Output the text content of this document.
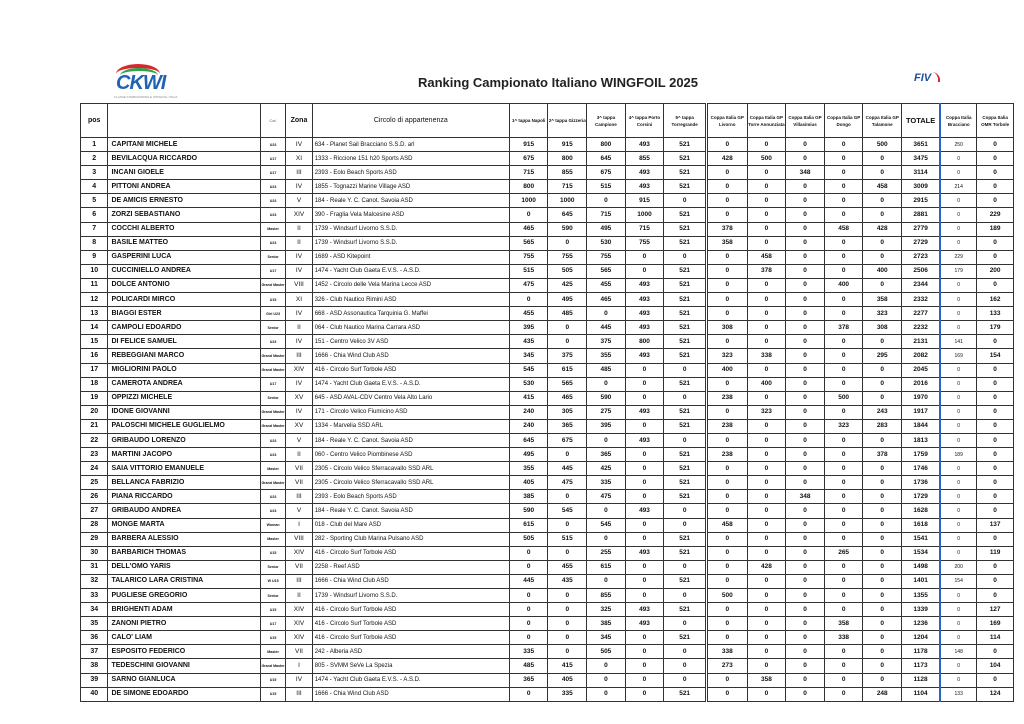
CKWI
CLASSE KITEBOARDING E WINGFOIL ITALIA
Ranking Campionato Italiano WINGFOIL 2025	FIV
pos		Cat.	Zona	Circolo di appartenenza	1^ tappa Napoli	2^ tappa Gizzeria	3^ tappa Campione	4^ tappa Porto Corsini	5^ tappa Torregrande	Coppa Italia GP Livorno	Coppa Italia GP Torre Annunziata	Coppa Italia GP Villasimius	Coppa Italia GP Dongo	Coppa Italia GP Talamone	TOTALE	Coppa Italia Bracciano	Coppa Italia OMR Torbole
1	CAPITANI MICHELE	U23	IV	634 - Planet Sail Bracciano S.S.D. arl	915	915	800	493	521	0	0	0	0	500	3651	250	0
2	BEVILACQUA RICCARDO	U17	XI	1333 - Riccione 151 h20 Sports ASD	675	800	645	855	521	428	500	0	0	0	3475	0	0
3	INCANI GIOELE	U17	III	2393 - Eolo Beach Sports ASD	715	855	675	493	521	0	0	348	0	0	3114	0	0
4	PITTONI ANDREA	U23	IV	1855 - Tognazzi Marine Village ASD	800	715	515	493	521	0	0	0	0	458	3009	214	0
5	DE AMICIS ERNESTO	U23	V	184 - Reale Y. C. Canot. Savoia ASD	1000	1000	0	915	0	0	0	0	0	0	2915	0	0
6	ZORZI SEBASTIANO	U23	XIV	390 - Fraglia Vela Malcesine ASD	0	645	715	1000	521	0	0	0	0	0	2881	0	229
7	COCCHI ALBERTO	Master	II	1739 - Windsurf Livorno S.S.D.	465	590	495	715	521	378	0	0	458	428	2779	0	189
8	BASILE MATTEO	U23	II	1739 - Windsurf Livorno S.S.D.	565	0	530	755	521	358	0	0	0	0	2729	0	0
9	GASPERINI LUCA	Senior	IV	1689 - ASD Kitepoint	755	755	755	0	0	0	458	0	0	0	2723	229	0
10	CUCCINIELLO ANDREA	U17	IV	1474 - Yacht Club Gaeta E.V.S. - A.S.D.	515	505	565	0	521	0	378	0	0	400	2506	179	200
11	DOLCE ANTONIO	Grand Master	VIII	1452 - Circolo delle Vela Marina Lecce ASD	475	425	455	493	521	0	0	0	400	0	2344	0	0
12	POLICARDI MIRCO	U15	XI	326 - Club Nautico Rimini ASD	0	495	465	493	521	0	0	0	0	358	2332	0	162
13	BIAGGI ESTER	Girl U23	IV	668 - ASD Assonautica Tarquinia G. Maffei	455	485	0	493	521	0	0	0	0	323	2277	0	133
14	CAMPOLI EDOARDO	Senior	II	064 - Club Nautico Marina Carrara ASD	395	0	445	493	521	308	0	0	378	308	2232	0	179
15	DI FELICE SAMUEL	U23	IV	151 - Centro Velico 3V ASD	435	0	375	800	521	0	0	0	0	0	2131	141	0
16	REBEGGIANI MARCO	Grand Master	III	1666 - Chia Wind Club ASD	345	375	355	493	521	323	338	0	0	295	2082	169	154
17	MIGLIORINI PAOLO	Grand Master	XIV	416 - Circolo Surf Torbole ASD	545	615	485	0	0	400	0	0	0	0	2045	0	0
18	CAMEROTA ANDREA	U17	IV	1474 - Yacht Club Gaeta E.V.S. - A.S.D.	530	565	0	0	521	0	400	0	0	0	2016	0	0
19	OPPIZZI MICHELE	Senior	XV	645 - ASD AVAL-CDV Centro Vela Alto Lario	415	465	590	0	0	238	0	0	500	0	1970	0	0
20	IDONE GIOVANNI	Grand Master	IV	171 - Circolo Velico Fiumicino ASD	240	305	275	493	521	0	323	0	0	243	1917	0	0
21	PALOSCHI MICHELE GUGLIELMO	Grand Master	XV	1334 - Marvelia SSD ARL	240	365	395	0	521	238	0	0	323	283	1844	0	0
22	GRIBAUDO LORENZO	U23	V	184 - Reale Y. C. Canot. Savoia ASD	645	675	0	493	0	0	0	0	0	0	1813	0	0
23	MARTINI JACOPO	U23	II	060 - Centro Velico Piombinese ASD	495	0	365	0	521	238	0	0	0	378	1759	189	0
24	SAIA VITTORIO EMANUELE	Master	VII	2305 - Circolo Velico Sferracavallo SSD ARL	355	445	425	0	521	0	0	0	0	0	1746	0	0
25	BELLANCA FABRIZIO	Grand Master	VII	2305 - Circolo Velico Sferracavallo SSD ARL	405	475	335	0	521	0	0	0	0	0	1736	0	0
26	PIANA RICCARDO	U23	III	2393 - Eolo Beach Sports ASD	385	0	475	0	521	0	0	348	0	0	1729	0	0
27	GRIBAUDO ANDREA	U23	V	184 - Reale Y. C. Canot. Savoia ASD	590	545	0	493	0	0	0	0	0	0	1628	0	0
28	MONGE MARTA	Woman	I	018 - Club del Mare ASD	615	0	545	0	0	458	0	0	0	0	1618	0	137
29	BARBERA ALESSIO	Master	VIII	282 - Sporting Club Marina Pulsano ASD	505	515	0	0	521	0	0	0	0	0	1541	0	0
30	BARBARICH THOMAS	U15	XIV	416 - Circolo Surf Torbole ASD	0	0	255	493	521	0	0	0	265	0	1534	0	119
31	DELL'OMO YARIS	Senior	VII	2258 - Reef ASD	0	455	615	0	0	0	428	0	0	0	1498	200	0
32	TALARICO LARA CRISTINA	W U15	III	1666 - Chia Wind Club ASD	445	435	0	0	521	0	0	0	0	0	1401	154	0
33	PUGLIESE GREGORIO	Senior	II	1739 - Windsurf Livorno S.S.D.	0	0	855	0	0	500	0	0	0	0	1355	0	0
34	BRIGHENTI ADAM	U15	XIV	416 - Circolo Surf Torbole ASD	0	0	325	493	521	0	0	0	0	0	1339	0	127
35	ZANONI PIETRO	U17	XIV	416 - Circolo Surf Torbole ASD	0	0	385	493	0	0	0	0	358	0	1236	0	169
36	CALO' LIAM	U15	XIV	416 - Circolo Surf Torbole ASD	0	0	345	0	521	0	0	0	338	0	1204	0	114
37	ESPOSITO FEDERICO	Master	VII	242 - Alberia ASD	335	0	505	0	0	338	0	0	0	0	1178	148	0
38	TEDESCHINI GIOVANNI	Grand Master	I	805 - SVMM SeVe La Spezia	485	415	0	0	0	273	0	0	0	0	1173	0	104
39	SARNO GIANLUCA	U15	IV	1474 - Yacht Club Gaeta E.V.S. - A.S.D.	365	405	0	0	0	0	358	0	0	0	1128	0	0
40	DE SIMONE EDOARDO	U15	III	1666 - Chia Wind Club ASD	0	335	0	0	521	0	0	0	0	248	1104	133	124
